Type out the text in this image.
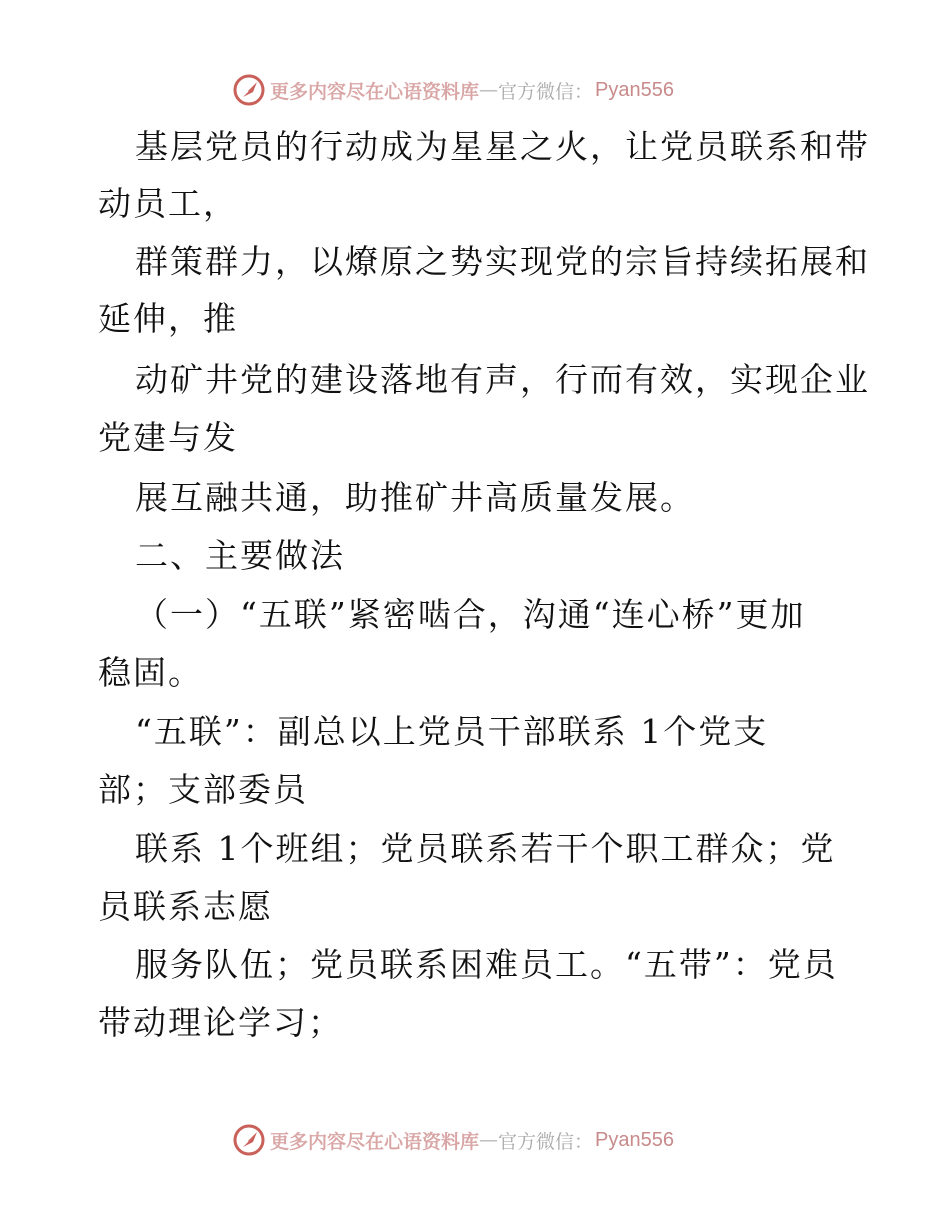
更多内容尽在心语资料库 — 官方微信： Pyan556

基层党员的行动成为星星之火，让党员联系和带

动员工，

群策群力，以燎原之势实现党的宗旨持续拓展和

延伸，推

动矿井党的建设落地有声，行而有效，实现企业

党建与发

展互融共通，助推矿井高质量发展。

二、主要做法

（一）“五联”紧密啮合，沟通“连心桥”更加

稳固。

“五联”：副总以上党员干部联系 1个党支

部；支部委员

联系 1个班组；党员联系若干个职工群众；党

员联系志愿

服务队伍；党员联系困难员工。“五带”：党员

带动理论学习；

更多内容尽在心语资料库 — 官方微信： Pyan556
